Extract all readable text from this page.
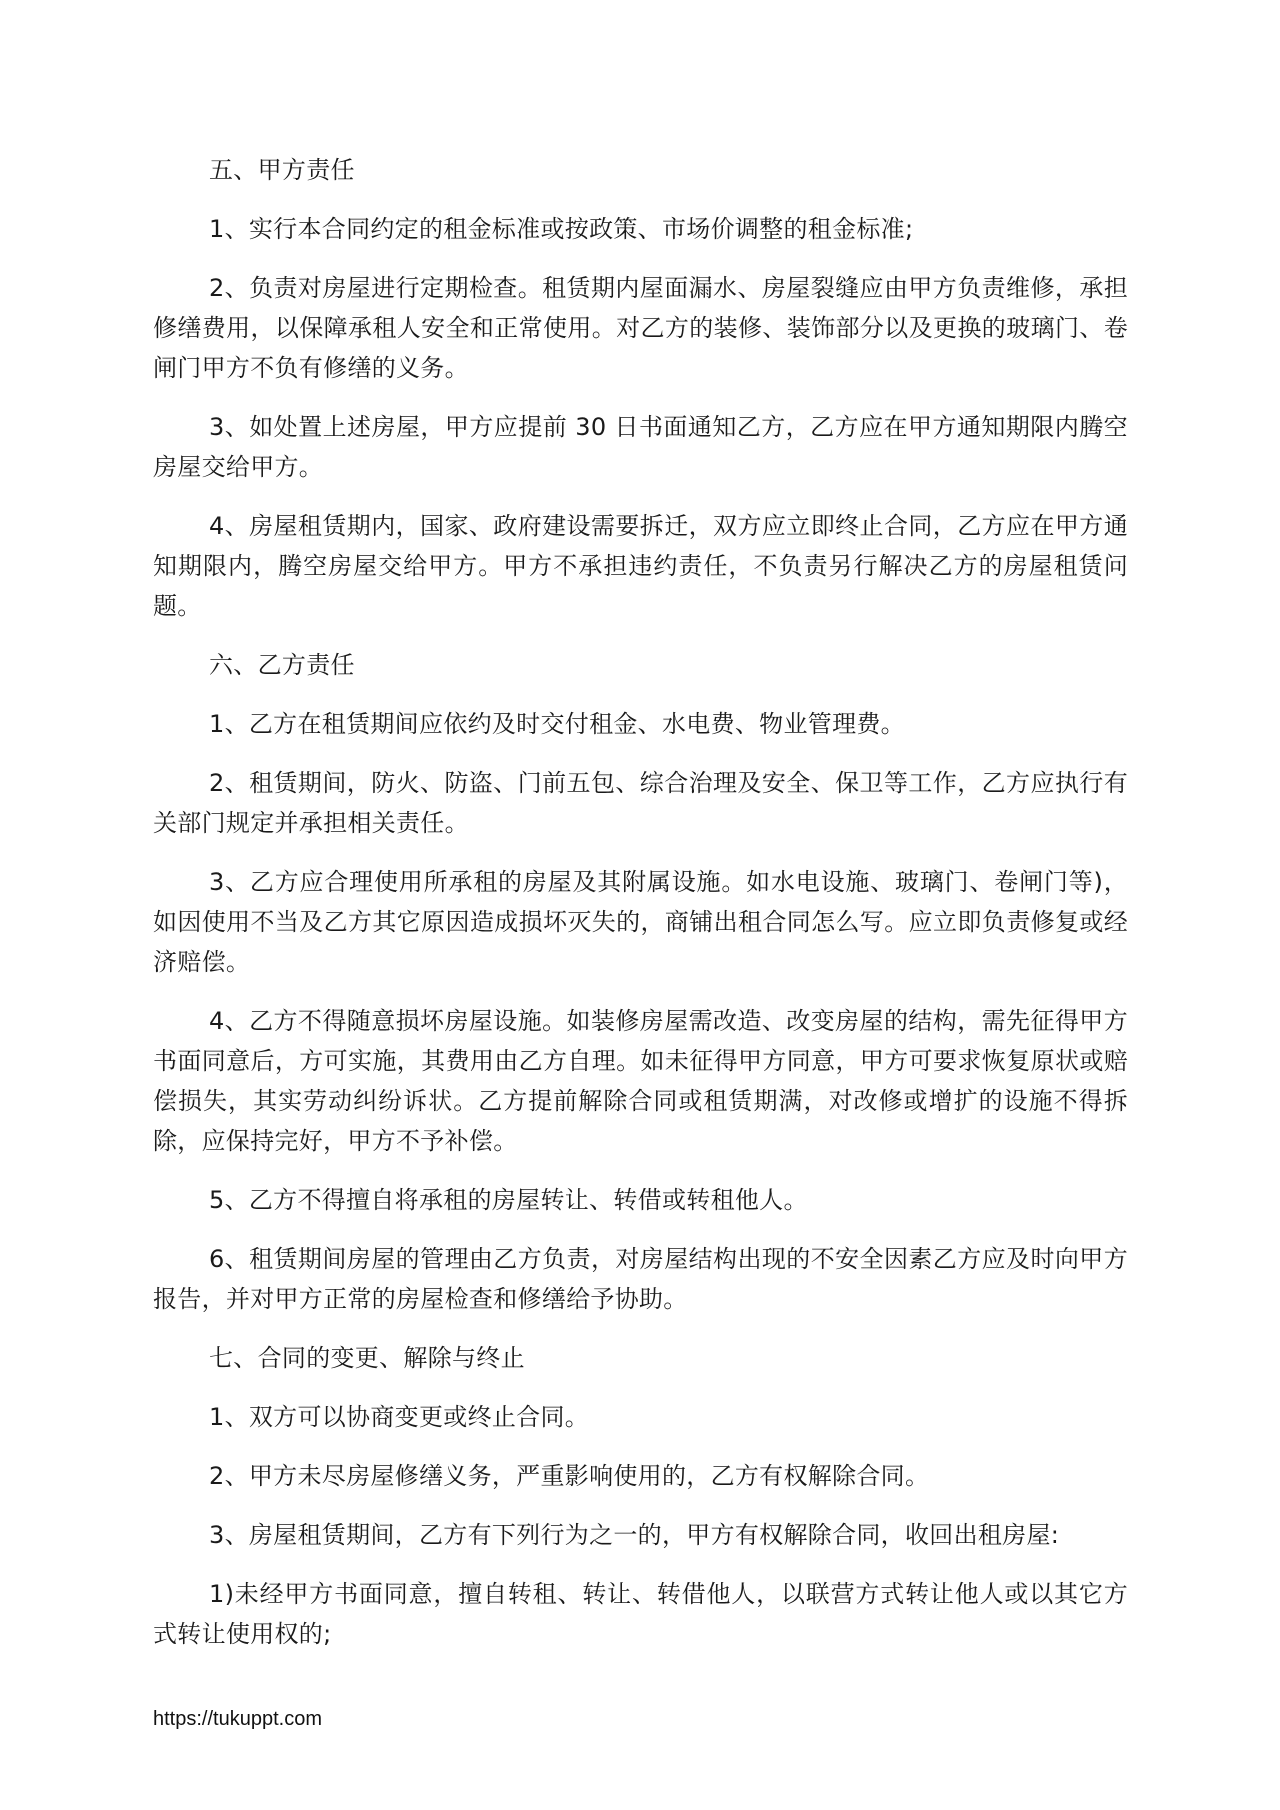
五、甲方责任

1、实行本合同约定的租金标准或按政策、市场价调整的租金标准;

2、负责对房屋进行定期检查。租赁期内屋面漏水、房屋裂缝应由甲方负责维修，承担修缮费用，以保障承租人安全和正常使用。对乙方的装修、装饰部分以及更换的玻璃门、卷闸门甲方不负有修缮的义务。

3、如处置上述房屋，甲方应提前 30 日书面通知乙方，乙方应在甲方通知期限内腾空房屋交给甲方。

4、房屋租赁期内，国家、政府建设需要拆迁，双方应立即终止合同，乙方应在甲方通知期限内，腾空房屋交给甲方。甲方不承担违约责任，不负责另行解决乙方的房屋租赁问题。

六、乙方责任

1、乙方在租赁期间应依约及时交付租金、水电费、物业管理费。

2、租赁期间，防火、防盗、门前五包、综合治理及安全、保卫等工作，乙方应执行有关部门规定并承担相关责任。

3、乙方应合理使用所承租的房屋及其附属设施。如水电设施、玻璃门、卷闸门等)，如因使用不当及乙方其它原因造成损坏灭失的，商铺出租合同怎么写。应立即负责修复或经济赔偿。

4、乙方不得随意损坏房屋设施。如装修房屋需改造、改变房屋的结构，需先征得甲方书面同意后，方可实施，其费用由乙方自理。如未征得甲方同意，甲方可要求恢复原状或赔偿损失，其实劳动纠纷诉状。乙方提前解除合同或租赁期满，对改修或增扩的设施不得拆除，应保持完好，甲方不予补偿。

5、乙方不得擅自将承租的房屋转让、转借或转租他人。

6、租赁期间房屋的管理由乙方负责，对房屋结构出现的不安全因素乙方应及时向甲方报告，并对甲方正常的房屋检查和修缮给予协助。

七、合同的变更、解除与终止

1、双方可以协商变更或终止合同。

2、甲方未尽房屋修缮义务，严重影响使用的，乙方有权解除合同。

3、房屋租赁期间，乙方有下列行为之一的，甲方有权解除合同，收回出租房屋:

1)未经甲方书面同意，擅自转租、转让、转借他人，以联营方式转让他人或以其它方式转让使用权的;

https://tukuppt.com
